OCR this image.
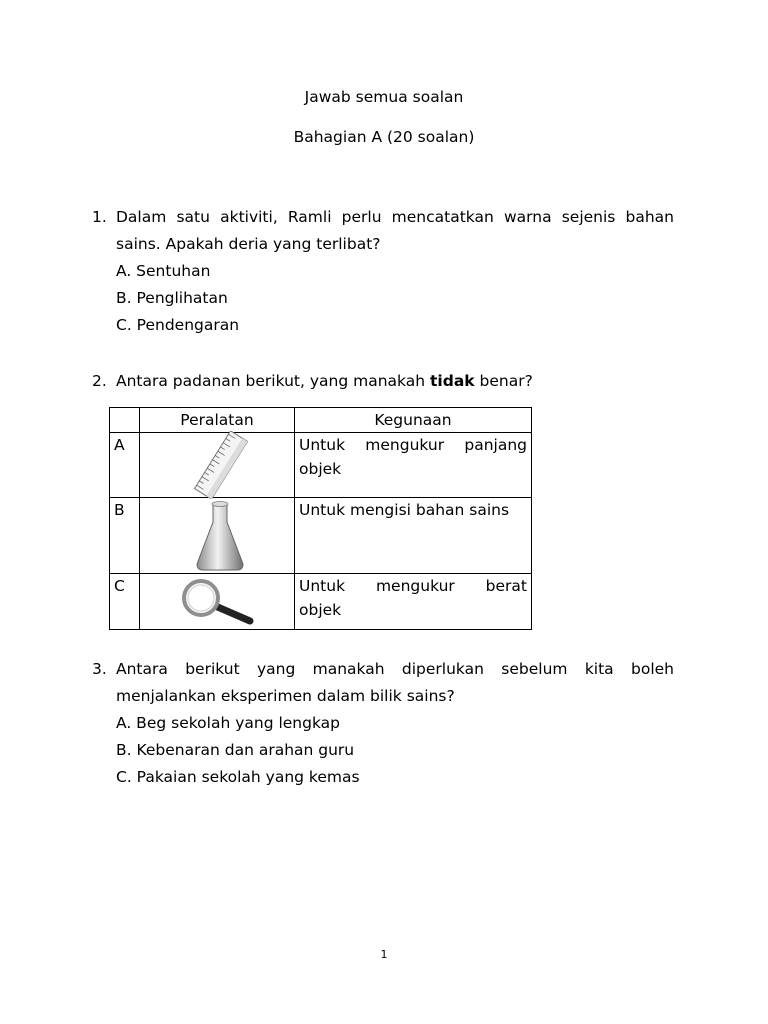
Jawab semua soalan

Bahagian A (20 soalan)

1. Dalam satu aktiviti, Ramli perlu mencatatkan warna sejenis bahan
sains. Apakah deria yang terlibat?
A. Sentuhan
B. Penglihatan
C. Pendengaran
2. Antara padanan berikut, yang manakah tidak benar?
	Peralatan	Kegunaan
A		Untuk mengukur panjang
objek

B		Untuk mengisi bahan sains

C		Untuk mengukur berat
objek
3. Antara berikut yang manakah diperlukan sebelum kita boleh
menjalankan eksperimen dalam bilik sains?
A. Beg sekolah yang lengkap
B. Kebenaran dan arahan guru
C. Pakaian sekolah yang kemas
1
